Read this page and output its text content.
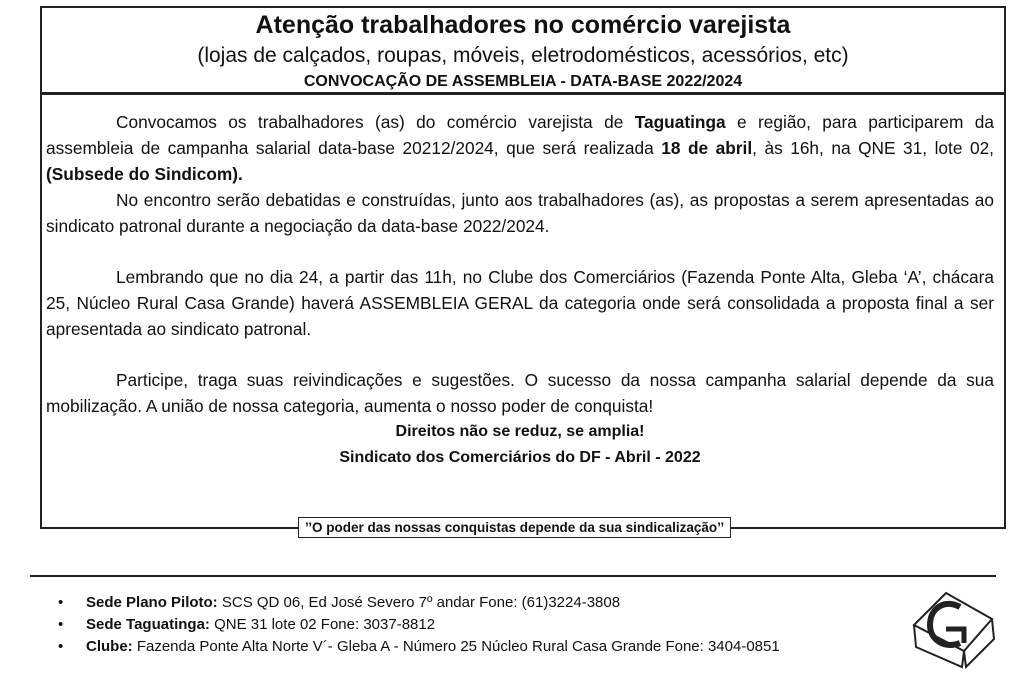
Atenção trabalhadores no comércio varejista
(lojas de calçados, roupas, móveis, eletrodomésticos, acessórios, etc)
CONVOCAÇÃO DE ASSEMBLEIA - DATA-BASE 2022/2024

Convocamos os trabalhadores (as) do comércio varejista de Taguatinga e região, para participarem da assembleia de campanha salarial data-base 20212/2024, que será realizada 18 de abril, às 16h, na QNE 31, lote 02, (Subsede do Sindicom).

No encontro serão debatidas e construídas, junto aos trabalhadores (as), as propostas a serem apresentadas ao sindicato patronal durante a negociação da data-base 2022/2024.

Lembrando que no dia 24, a partir das 11h, no Clube dos Comerciários (Fazenda Ponte Alta, Gleba ‘A’, chácara 25, Núcleo Rural Casa Grande) haverá ASSEMBLEIA GERAL da categoria onde será consolidada a proposta final a ser apresentada ao sindicato patronal.

Participe, traga suas reivindicações e sugestões. O sucesso da nossa campanha salarial depende da sua mobilização. A união de nossa categoria, aumenta o nosso poder de conquista!

Direitos não se reduz, se amplia!
Sindicato dos Comerciários do DF - Abril - 2022
’’O poder das nossas conquistas depende da sua sindicalização’’
• Sede Plano Piloto: SCS QD 06, Ed José Severo 7º andar Fone: (61)3224-3808
• Sede Taguatinga: QNE 31 lote 02 Fone: 3037-8812
• Clube: Fazenda Ponte Alta Norte V´- Gleba A - Número 25 Núcleo Rural Casa Grande Fone: 3404-0851
